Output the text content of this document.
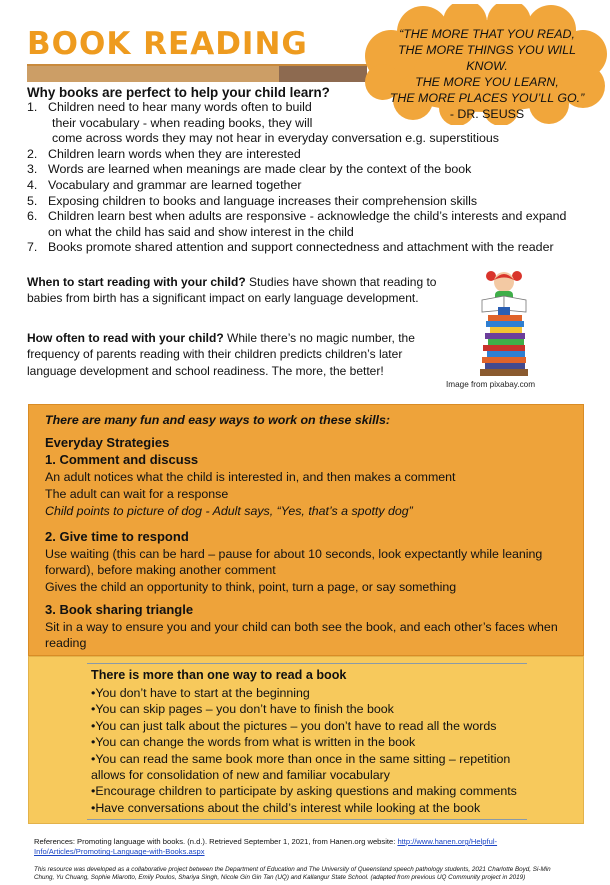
BOOK READING	“THE MORE THAT YOU READ,
THE MORE THINGS YOU WILL KNOW.
THE MORE YOU LEARN,
THE MORE PLACES YOU’LL GO.”
- DR. SEUSS
Why books are perfect to help your child learn?
1. Children need to hear many words often to build
their vocabulary - when reading books, they will
come across words they may not hear in everyday conversation e.g. superstitious
2. Children learn words when they are interested
3. Words are learned when meanings are made clear by the context of the book
4. Vocabulary and grammar are learned together
5. Exposing children to books and language increases their comprehension skills
6. Children learn best when adults are responsive - acknowledge the child’s interests and expand
on what the child has said and show interest in the child
7. Books promote shared attention and support connectedness and attachment with the reader

When to start reading with your child? Studies have shown that reading to babies from birth has a significant impact on early language development.

How often to read with your child? While there’s no magic number, the frequency of parents reading with their children predicts children’s later language development and school readiness. The more, the better!

Image from pixabay.com
There are many fun and easy ways to work on these skills:
Everyday Strategies
1. Comment and discuss
An adult notices what the child is interested in, and then makes a comment
The adult can wait for a response
Child points to picture of dog - Adult says, “Yes, that’s a spotty dog”
2. Give time to respond
Use waiting (this can be hard – pause for about 10 seconds, look expectantly while leaning
forward), before making another comment
Gives the child an opportunity to think, point, turn a page, or say something
3. Book sharing triangle
Sit in a way to ensure you and your child can both see the book, and each other’s faces when
reading
There is more than one way to read a book
•You don’t have to start at the beginning
•You can skip pages – you don’t have to finish the book
•You can just talk about the pictures – you don’t have to read all the words
•You can change the words from what is written in the book
•You can read the same book more than once in the same sitting – repetition
allows for consolidation of new and familiar vocabulary
•Encourage children to participate by asking questions and making comments
•Have conversations about the child’s interest while looking at the book
References: Promoting language with books. (n.d.). Retrieved September 1, 2021, from Hanen.org website: http://www.hanen.org/Helpful-
Info/Articles/Promoting-Language-with-Books.aspx
This resource was developed as a collaborative project between the Department of Education and The University of Queensland speech pathology students, 2021 Charlotte Boyd, Si-Min
Chung, Yu Chuang, Sophie Miarotto, Emily Poulos, Shariya Singh, Nicole Gin Gin Tan (UQ) and Kallangur State School. (adapted from previous UQ Community project in 2019)
